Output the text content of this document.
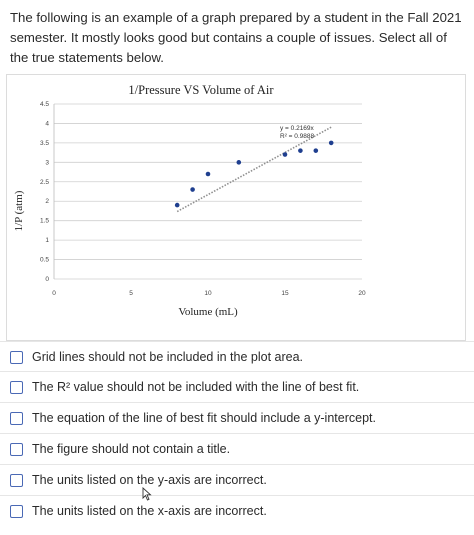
The following is an example of a graph prepared by a student in the Fall 2021 semester. It mostly looks good but contains a couple of issues. Select all of the true statements below.
1/Pressure VS Volume of Air
1/P (atm)
Volume (mL)
0
0.5
1
1.5
2
2.5
3
3.5
4
4.5
0	5	10	15	20
y = 0.2169x
R² = 0.9888
Grid lines should not be included in the plot area.
The R² value should not be included with the line of best fit.
The equation of the line of best fit should include a y-intercept.
The figure should not contain a title.
The units listed on the y-axis are incorrect.
The units listed on the x-axis are incorrect.
